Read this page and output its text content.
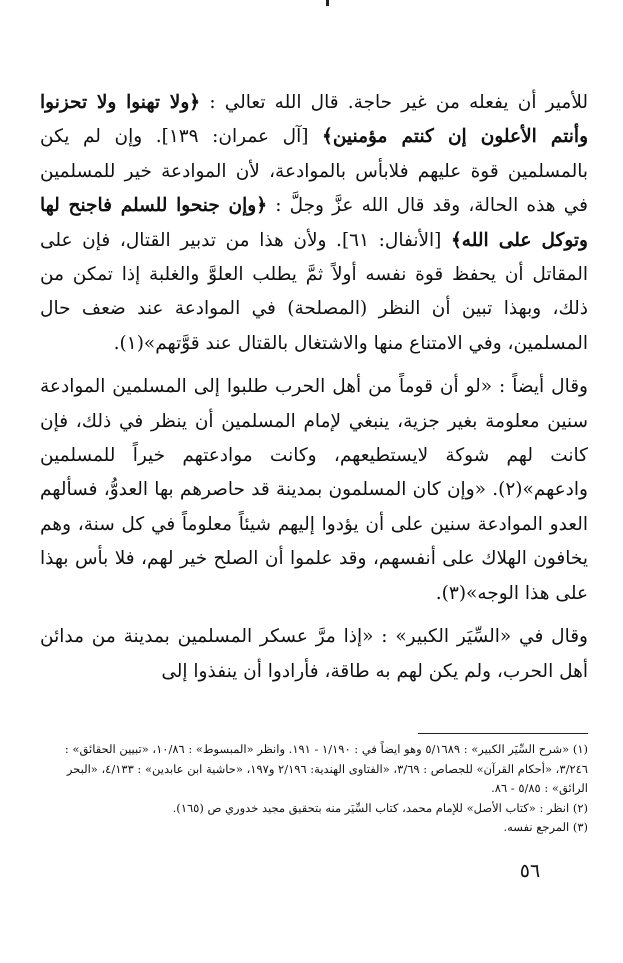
للأمير أن يفعله من غير حاجة. قال الله تعالي : ﴿ولا تهنوا ولا تحزنوا وأنتم الأعلون إن كنتم مؤمنين﴾ [آل عمران: ١٣٩]. وإن لم يكن بالمسلمين قوة عليهم فلابأس بالموادعة، لأن الموادعة خير للمسلمين في هذه الحالة، وقد قال الله عزَّ وجلَّ : ﴿وإن جنحوا للسلم فاجنح لها وتوكل على الله﴾ [الأنفال: ٦١]. ولأن هذا من تدبير القتال، فإن على المقاتل أن يحفظ قوة نفسه أولاً ثمَّ يطلب العلوَّ والغلبة إذا تمكن من ذلك، وبهذا تبين أن النظر (المصلحة) في الموادعة عند ضعف حال المسلمين، وفي الامتناع منها والاشتغال بالقتال عند قوَّتهم»(١).

وقال أيضاً : «لو أن قوماً من أهل الحرب طلبوا إلى المسلمين الموادعة سنين معلومة بغير جزية، ينبغي لإمام المسلمين أن ينظر في ذلك، فإن كانت لهم شوكة لايستطيعهم، وكانت موادعتهم خيراً للمسلمين وادعهم»(٢). «وإن كان المسلمون بمدينة قد حاصرهم بها العدوُّ، فسألهم العدو الموادعة سنين على أن يؤدوا إليهم شيئاً معلوماً في كل سنة، وهم يخافون الهلاك على أنفسهم، وقد علموا أن الصلح خير لهم، فلا بأس بهذا على هذا الوجه»(٣).

وقال في «السِّيَر الكبير» : «إذا مرَّ عسكر المسلمين بمدينة من مدائن أهل الحرب، ولم يكن لهم به طاقة، فأرادوا أن ينفذوا إلى

(١) «شرح السِّيَر الكبير» : ٥/١٦٨٩ وهو ايضاً في : ١/١٩٠ - ١٩١. وانظر «المبسوط» : ١٠/٨٦، «تبيين الحقائق» : ٣/٢٤٦، «أحكام القرآن» للجصاص : ٣/٦٩، «الفتاوى الهندية: ٢/١٩٦ و١٩٧، «حاشية ابن عابدين» : ٤/١٣٣، «البحر الرائق» : ٥/٨٥ - ٨٦.
(٢) انظر : «كتاب الأصل» للإمام محمد، كتاب السِّيَر منه بتحقيق مجيد خدوري ص (١٦٥).
(٣) المرجع نفسه.
٥٦
